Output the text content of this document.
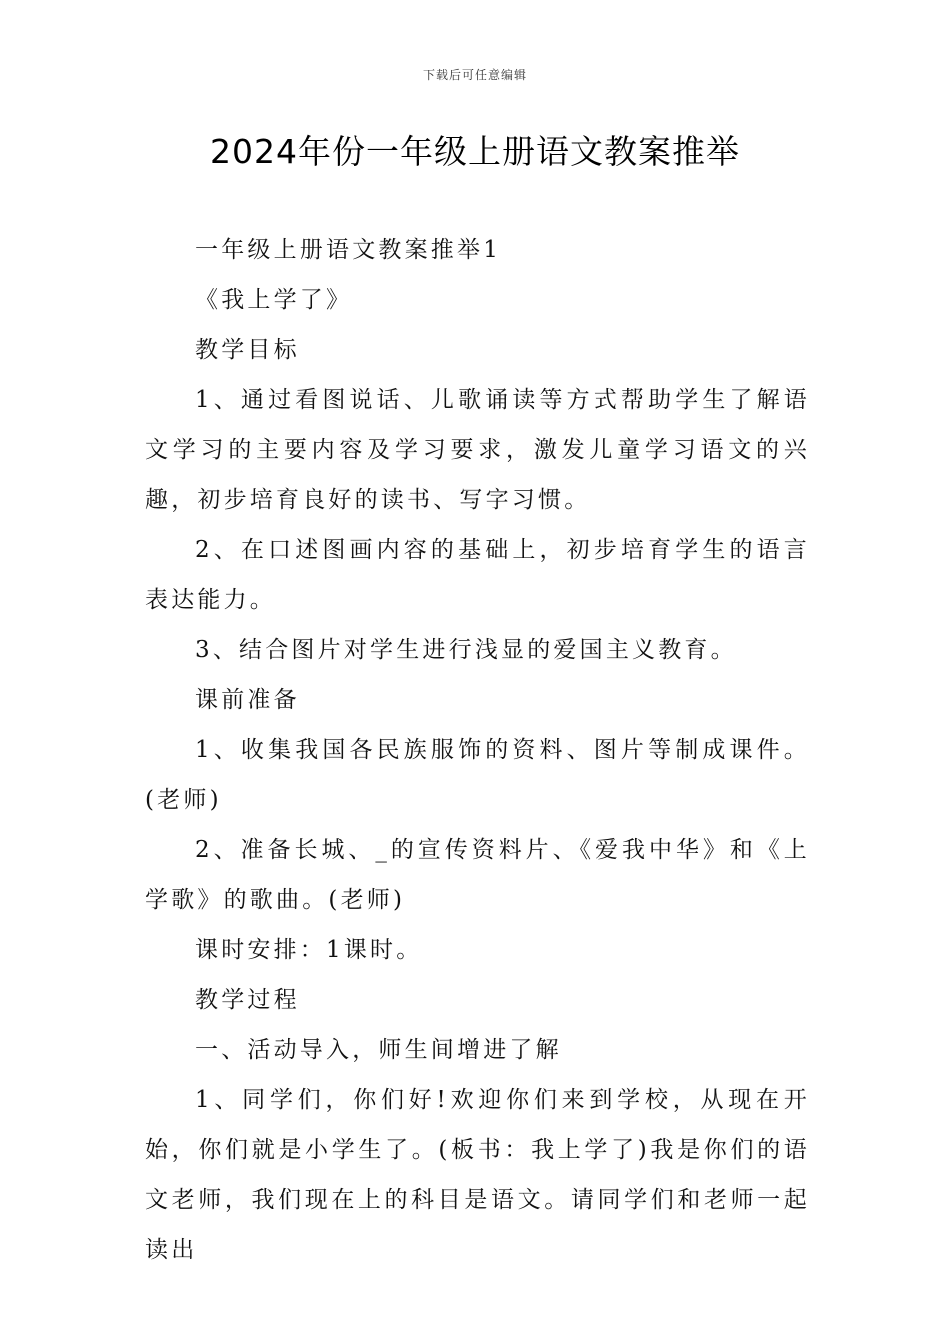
下载后可任意编辑
2024年份一年级上册语文教案推举

一年级上册语文教案推举1

《我上学了》

教学目标

1、通过看图说话、儿歌诵读等方式帮助学生了解语文学习的主要内容及学习要求，激发儿童学习语文的兴趣，初步培育良好的读书、写字习惯。

2、在口述图画内容的基础上，初步培育学生的语言表达能力。

3、结合图片对学生进行浅显的爱国主义教育。

课前准备

1、收集我国各民族服饰的资料、图片等制成课件。(老师)

2、准备长城、_的宣传资料片、《爱我中华》和《上学歌》的歌曲。(老师)

课时安排：1课时。

教学过程

一、活动导入，师生间增进了解

1、同学们，你们好!欢迎你们来到学校，从现在开始，你们就是小学生了。(板书：我上学了)我是你们的语文老师，我们现在上的科目是语文。请同学们和老师一起读出
